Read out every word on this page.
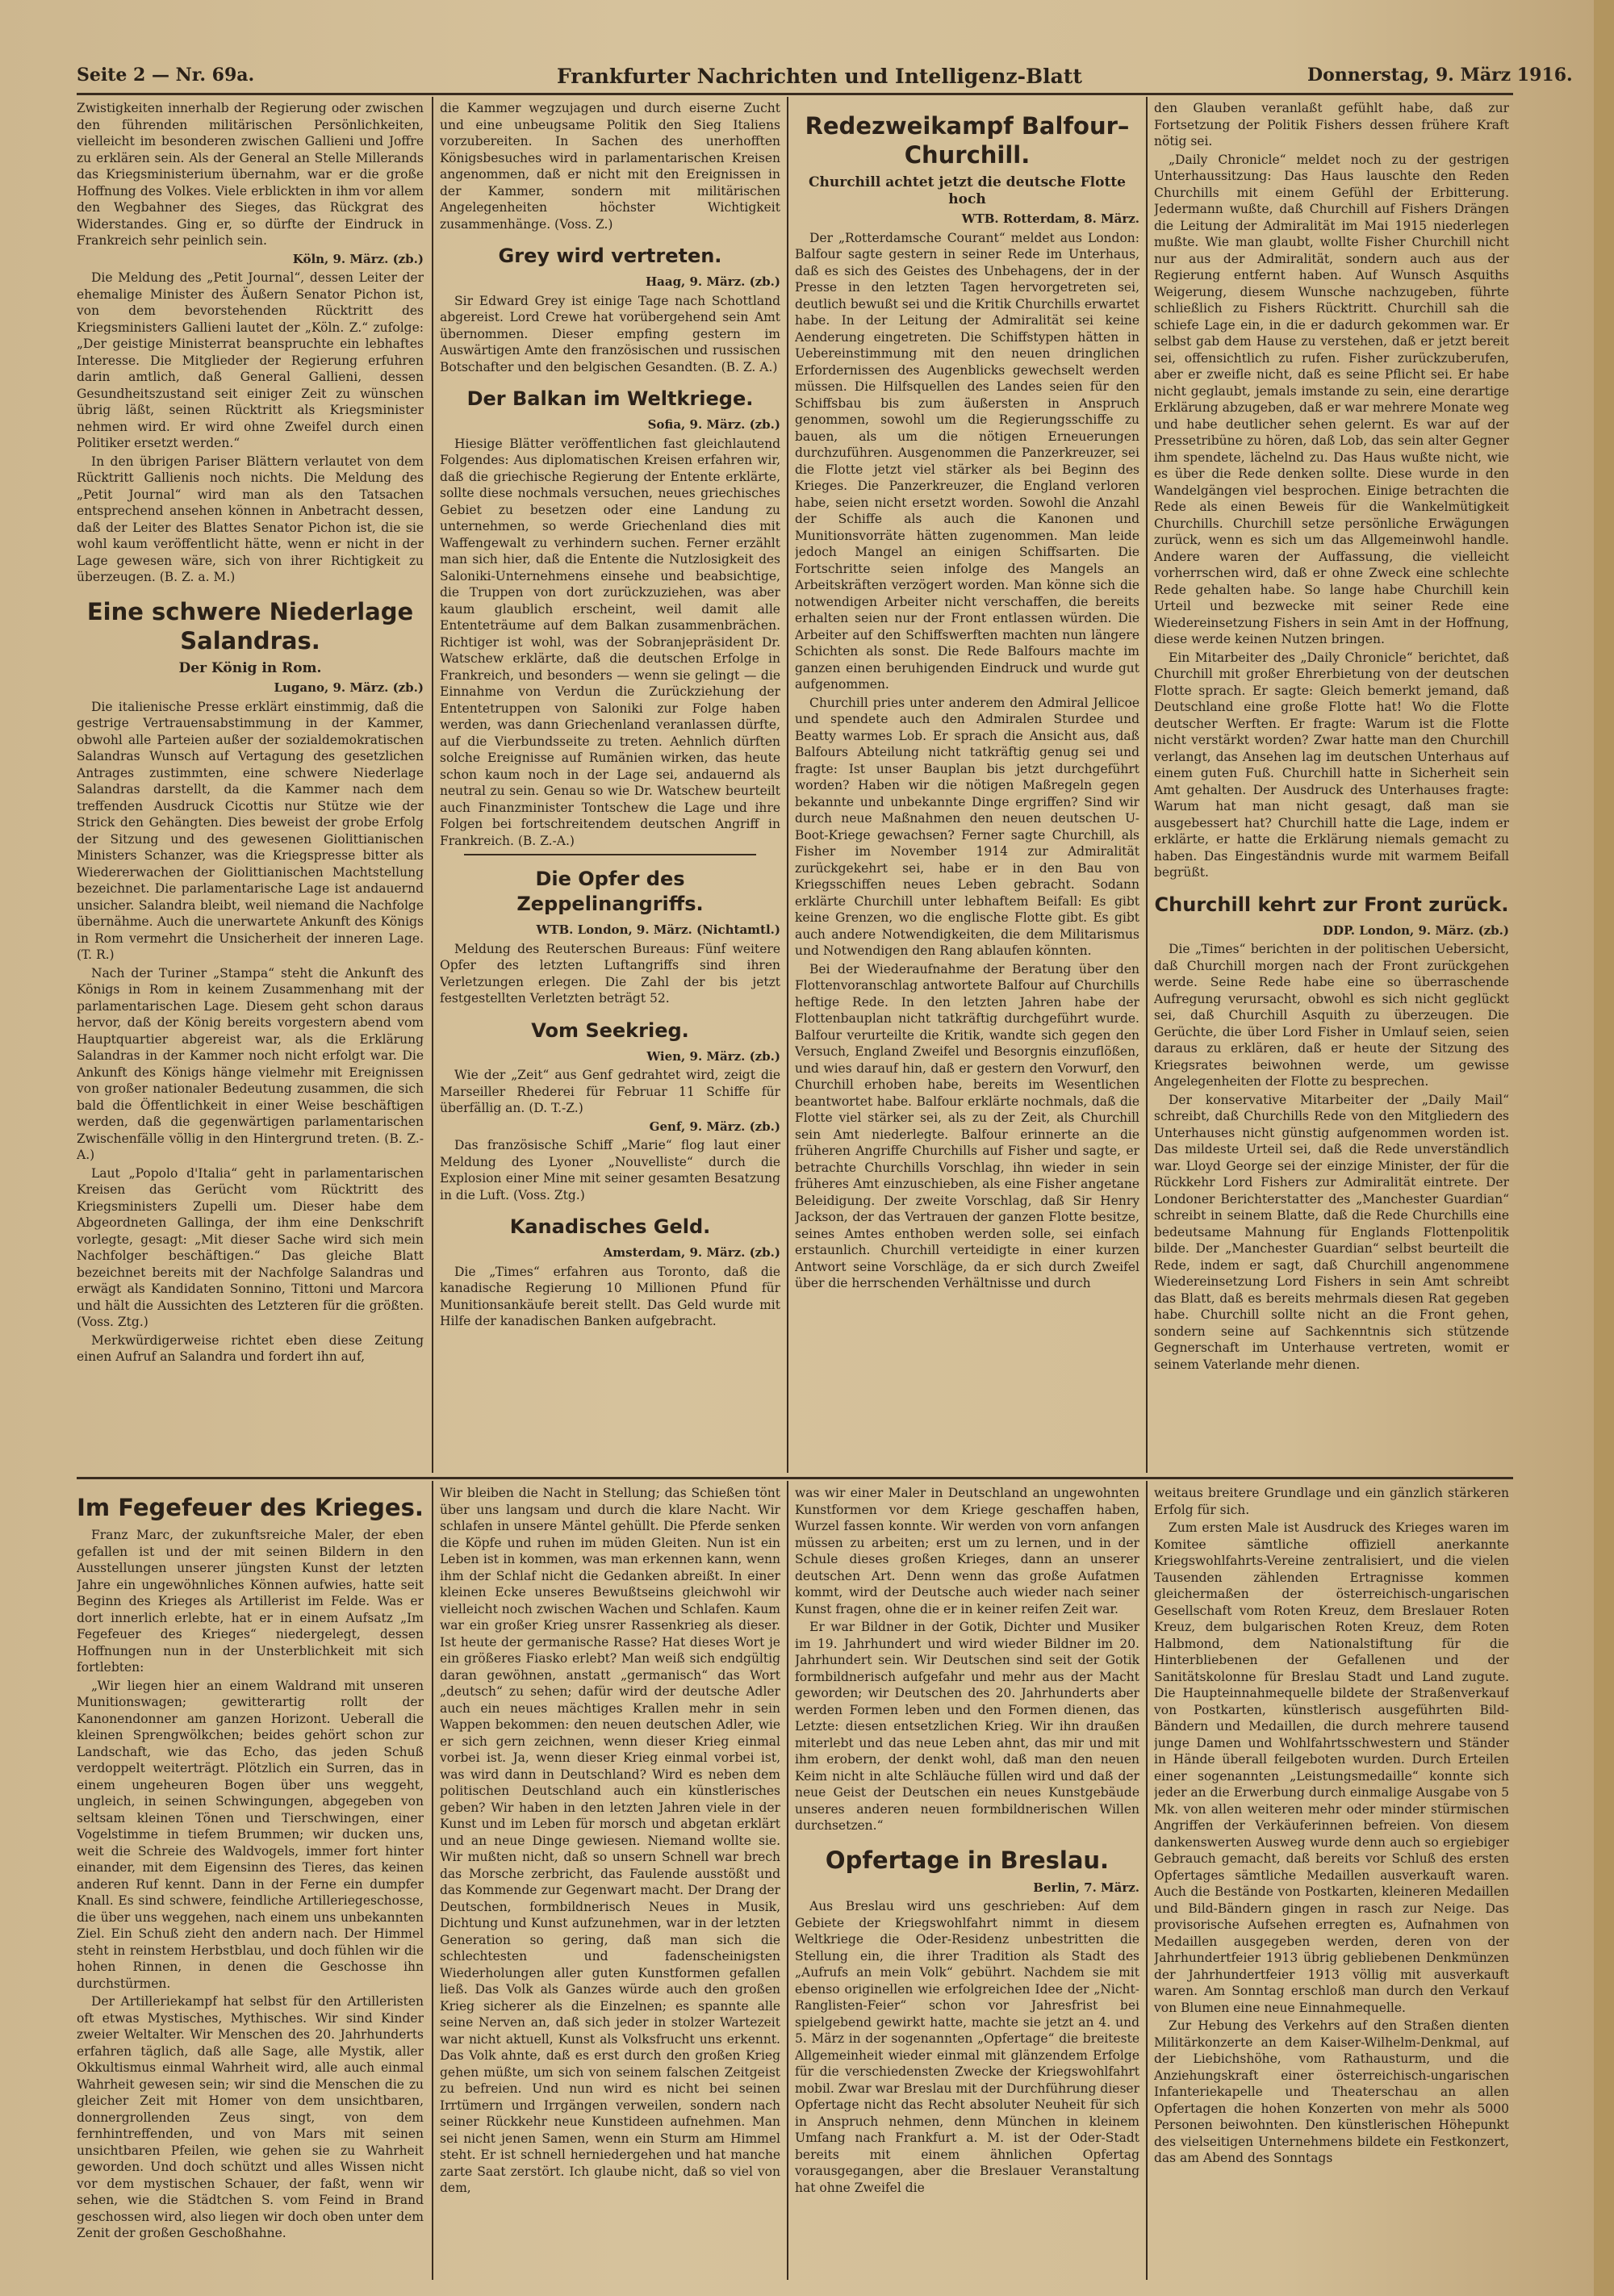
Seite 2 — Nr. 69a.	Frankfurter Nachrichten und Intelligenz-Blatt	Donnerstag, 9. März 1916.

Zwistigkeiten innerhalb der Regierung oder zwischen den führenden militärischen Persönlichkeiten, vielleicht im besonderen zwischen Gallieni und Joffre zu erklären sein. Als der General an Stelle Millerands das Kriegsministerium übernahm, war er die große Hoffnung des Volkes. Viele erblickten in ihm vor allem den Wegbahner des Sieges, das Rückgrat des Widerstandes. Ging er, so dürfte der Eindruck in Frankreich sehr peinlich sein.

Köln, 9. März. (zb.)

Die Meldung des „Petit Journal“, dessen Leiter der ehemalige Minister des Äußern Senator Pichon ist, von dem bevorstehenden Rücktritt des Kriegsministers Gallieni lautet der „Köln. Z.“ zufolge: „Der geistige Ministerrat beanspruchte ein lebhaftes Interesse. Die Mitglieder der Regierung erfuhren darin amtlich, daß General Gallieni, dessen Gesundheitszustand seit einiger Zeit zu wünschen übrig läßt, seinen Rücktritt als Kriegsminister nehmen wird. Er wird ohne Zweifel durch einen Politiker ersetzt werden.“

In den übrigen Pariser Blättern verlautet von dem Rücktritt Gallienis noch nichts. Die Meldung des „Petit Journal“ wird man als den Tatsachen entsprechend ansehen können in Anbetracht dessen, daß der Leiter des Blattes Senator Pichon ist, die sie wohl kaum veröffentlicht hätte, wenn er nicht in der Lage gewesen wäre, sich von ihrer Richtigkeit zu überzeugen. (B. Z. a. M.)

Eine schwere Niederlage Salandras.
Der König in Rom.
Lugano, 9. März. (zb.)

Die italienische Presse erklärt einstimmig, daß die gestrige Vertrauensabstimmung in der Kammer, obwohl alle Parteien außer der sozialdemokratischen Salandras Wunsch auf Vertagung des gesetzlichen Antrages zustimmten, eine schwere Niederlage Salandras darstellt, da die Kammer nach dem treffenden Ausdruck Cicottis nur Stütze wie der Strick den Gehängten. Dies beweist der grobe Erfolg der Sitzung und des gewesenen Giolittianischen Ministers Schanzer, was die Kriegspresse bitter als Wiedererwachen der Giolittianischen Machtstellung bezeichnet. Die parlamentarische Lage ist andauernd unsicher. Salandra bleibt, weil niemand die Nachfolge übernähme. Auch die unerwartete Ankunft des Königs in Rom vermehrt die Unsicherheit der inneren Lage. (T. R.)

Nach der Turiner „Stampa“ steht die Ankunft des Königs in Rom in keinem Zusammenhang mit der parlamentarischen Lage. Diesem geht schon daraus hervor, daß der König bereits vorgestern abend vom Hauptquartier abgereist war, als die Erklärung Salandras in der Kammer noch nicht erfolgt war. Die Ankunft des Königs hänge vielmehr mit Ereignissen von großer nationaler Bedeutung zusammen, die sich bald die Öffentlichkeit in einer Weise beschäftigen werden, daß die gegenwärtigen parlamentarischen Zwischenfälle völlig in den Hintergrund treten. (B. Z.-A.)

Laut „Popolo d'Italia“ geht in parlamentarischen Kreisen das Gerücht vom Rücktritt des Kriegsministers Zupelli um. Dieser habe dem Abgeordneten Gallinga, der ihm eine Denkschrift vorlegte, gesagt: „Mit dieser Sache wird sich mein Nachfolger beschäftigen.“ Das gleiche Blatt bezeichnet bereits mit der Nachfolge Salandras und erwägt als Kandidaten Sonnino, Tittoni und Marcora und hält die Aussichten des Letzteren für die größten. (Voss. Ztg.)

Merkwürdigerweise richtet eben diese Zeitung einen Aufruf an Salandra und fordert ihn auf,

die Kammer wegzujagen und durch eiserne Zucht und eine unbeugsame Politik den Sieg Italiens vorzubereiten. In Sachen des unerhofften Königsbesuches wird in parlamentarischen Kreisen angenommen, daß er nicht mit den Ereignissen in der Kammer, sondern mit militärischen Angelegenheiten höchster Wichtigkeit zusammenhänge. (Voss. Z.)

Grey wird vertreten.
Haag, 9. März. (zb.)

Sir Edward Grey ist einige Tage nach Schottland abgereist. Lord Crewe hat vorübergehend sein Amt übernommen. Dieser empfing gestern im Auswärtigen Amte den französischen und russischen Botschafter und den belgischen Gesandten. (B. Z. A.)

Der Balkan im Weltkriege.
Sofia, 9. März. (zb.)

Hiesige Blätter veröffentlichen fast gleichlautend Folgendes: Aus diplomatischen Kreisen erfahren wir, daß die griechische Regierung der Entente erklärte, sollte diese nochmals versuchen, neues griechisches Gebiet zu besetzen oder eine Landung zu unternehmen, so werde Griechenland dies mit Waffengewalt zu verhindern suchen. Ferner erzählt man sich hier, daß die Entente die Nutzlosigkeit des Saloniki-Unternehmens einsehe und beabsichtige, die Truppen von dort zurückzuziehen, was aber kaum glaublich erscheint, weil damit alle Ententeträume auf dem Balkan zusammenbrächen. Richtiger ist wohl, was der Sobranjepräsident Dr. Watschew erklärte, daß die deutschen Erfolge in Frankreich, und besonders — wenn sie gelingt — die Einnahme von Verdun die Zurückziehung der Ententetruppen von Saloniki zur Folge haben werden, was dann Griechenland veranlassen dürfte, auf die Vierbundsseite zu treten. Aehnlich dürften solche Ereignisse auf Rumänien wirken, das heute schon kaum noch in der Lage sei, andauernd als neutral zu sein. Genau so wie Dr. Watschew beurteilt auch Finanzminister Tontschew die Lage und ihre Folgen bei fortschreitendem deutschen Angriff in Frankreich. (B. Z.-A.)

Die Opfer des Zeppelinangriffs.
WTB. London, 9. März. (Nichtamtl.)

Meldung des Reuterschen Bureaus: Fünf weitere Opfer des letzten Luftangriffs sind ihren Verletzungen erlegen. Die Zahl der bis jetzt festgestellten Verletzten beträgt 52.

Vom Seekrieg.
Wien, 9. März. (zb.)

Wie der „Zeit“ aus Genf gedrahtet wird, zeigt die Marseiller Rhederei für Februar 11 Schiffe für überfällig an. (D. T.-Z.)

Genf, 9. März. (zb.)

Das französische Schiff „Marie“ flog laut einer Meldung des Lyoner „Nouvelliste“ durch die Explosion einer Mine mit seiner gesamten Besatzung in die Luft. (Voss. Ztg.)

Kanadisches Geld.
Amsterdam, 9. März. (zb.)

Die „Times“ erfahren aus Toronto, daß die kanadische Regierung 10 Millionen Pfund für Munitionsankäufe bereit stellt. Das Geld wurde mit Hilfe der kanadischen Banken aufgebracht.

Redezweikampf Balfour–Churchill.
Churchill achtet jetzt die deutsche Flotte hoch
WTB. Rotterdam, 8. März.

Der „Rotterdamsche Courant“ meldet aus London: Balfour sagte gestern in seiner Rede im Unterhaus, daß es sich des Geistes des Unbehagens, der in der Presse in den letzten Tagen hervorgetreten sei, deutlich bewußt sei und die Kritik Churchills erwartet habe. In der Leitung der Admiralität sei keine Aenderung eingetreten. Die Schiffstypen hätten in Uebereinstimmung mit den neuen dringlichen Erfordernissen des Augenblicks gewechselt werden müssen. Die Hilfsquellen des Landes seien für den Schiffsbau bis zum äußersten in Anspruch genommen, sowohl um die Regierungsschiffe zu bauen, als um die nötigen Erneuerungen durchzuführen. Ausgenommen die Panzerkreuzer, sei die Flotte jetzt viel stärker als bei Beginn des Krieges. Die Panzerkreuzer, die England verloren habe, seien nicht ersetzt worden. Sowohl die Anzahl der Schiffe als auch die Kanonen und Munitionsvorräte hätten zugenommen. Man leide jedoch Mangel an einigen Schiffsarten. Die Fortschritte seien infolge des Mangels an Arbeitskräften verzögert worden. Man könne sich die notwendigen Arbeiter nicht verschaffen, die bereits erhalten seien nur der Front entlassen würden. Die Arbeiter auf den Schiffswerften machten nun längere Schichten als sonst. Die Rede Balfours machte im ganzen einen beruhigenden Eindruck und wurde gut aufgenommen.

Churchill pries unter anderem den Admiral Jellicoe und spendete auch den Admiralen Sturdee und Beatty warmes Lob. Er sprach die Ansicht aus, daß Balfours Abteilung nicht tatkräftig genug sei und fragte: Ist unser Bauplan bis jetzt durchgeführt worden? Haben wir die nötigen Maßregeln gegen bekannte und unbekannte Dinge ergriffen? Sind wir durch neue Maßnahmen den neuen deutschen U-Boot-Kriege gewachsen? Ferner sagte Churchill, als Fisher im November 1914 zur Admiralität zurückgekehrt sei, habe er in den Bau von Kriegsschiffen neues Leben gebracht. Sodann erklärte Churchill unter lebhaftem Beifall: Es gibt keine Grenzen, wo die englische Flotte gibt. Es gibt auch andere Notwendigkeiten, die dem Militarismus und Notwendigen den Rang ablaufen könnten.

Bei der Wiederaufnahme der Beratung über den Flottenvoranschlag antwortete Balfour auf Churchills heftige Rede. In den letzten Jahren habe der Flottenbauplan nicht tatkräftig durchgeführt wurde. Balfour verurteilte die Kritik, wandte sich gegen den Versuch, England Zweifel und Besorgnis einzuflößen, und wies darauf hin, daß er gestern den Vorwurf, den Churchill erhoben habe, bereits im Wesentlichen beantwortet habe. Balfour erklärte nochmals, daß die Flotte viel stärker sei, als zu der Zeit, als Churchill sein Amt niederlegte. Balfour erinnerte an die früheren Angriffe Churchills auf Fisher und sagte, er betrachte Churchills Vorschlag, ihn wieder in sein früheres Amt einzuschieben, als eine Fisher angetane Beleidigung. Der zweite Vorschlag, daß Sir Henry Jackson, der das Vertrauen der ganzen Flotte besitze, seines Amtes enthoben werden solle, sei einfach erstaunlich. Churchill verteidigte in einer kurzen Antwort seine Vorschläge, da er sich durch Zweifel über die herrschenden Verhältnisse und durch

den Glauben veranlaßt gefühlt habe, daß zur Fortsetzung der Politik Fishers dessen frühere Kraft nötig sei.

„Daily Chronicle“ meldet noch zu der gestrigen Unterhaussitzung: Das Haus lauschte den Reden Churchills mit einem Gefühl der Erbitterung. Jedermann wußte, daß Churchill auf Fishers Drängen die Leitung der Admiralität im Mai 1915 niederlegen mußte. Wie man glaubt, wollte Fisher Churchill nicht nur aus der Admiralität, sondern auch aus der Regierung entfernt haben. Auf Wunsch Asquiths Weigerung, diesem Wunsche nachzugeben, führte schließlich zu Fishers Rücktritt. Churchill sah die schiefe Lage ein, in die er dadurch gekommen war. Er selbst gab dem Hause zu verstehen, daß er jetzt bereit sei, offensichtlich zu rufen. Fisher zurückzuberufen, aber er zweifle nicht, daß es seine Pflicht sei. Er habe nicht geglaubt, jemals imstande zu sein, eine derartige Erklärung abzugeben, daß er war mehrere Monate weg und habe deutlicher sehen gelernt. Es war auf der Pressetribüne zu hören, daß Lob, das sein alter Gegner ihm spendete, lächelnd zu. Das Haus wußte nicht, wie es über die Rede denken sollte. Diese wurde in den Wandelgängen viel besprochen. Einige betrachten die Rede als einen Beweis für die Wankelmütigkeit Churchills. Churchill setze persönliche Erwägungen zurück, wenn es sich um das Allgemeinwohl handle. Andere waren der Auffassung, die vielleicht vorherrschen wird, daß er ohne Zweck eine schlechte Rede gehalten habe. So lange habe Churchill kein Urteil und bezwecke mit seiner Rede eine Wiedereinsetzung Fishers in sein Amt in der Hoffnung, diese werde keinen Nutzen bringen.

Ein Mitarbeiter des „Daily Chronicle“ berichtet, daß Churchill mit großer Ehrerbietung von der deutschen Flotte sprach. Er sagte: Gleich bemerkt jemand, daß Deutschland eine große Flotte hat! Wo die Flotte deutscher Werften. Er fragte: Warum ist die Flotte nicht verstärkt worden? Zwar hatte man den Churchill verlangt, das Ansehen lag im deutschen Unterhaus auf einem guten Fuß. Churchill hatte in Sicherheit sein Amt gehalten. Der Ausdruck des Unterhauses fragte: Warum hat man nicht gesagt, daß man sie ausgebessert hat? Churchill hatte die Lage, indem er erklärte, er hatte die Erklärung niemals gemacht zu haben. Das Eingeständnis wurde mit warmem Beifall begrüßt.

Churchill kehrt zur Front zurück.
DDP. London, 9. März. (zb.)

Die „Times“ berichten in der politischen Uebersicht, daß Churchill morgen nach der Front zurückgehen werde. Seine Rede habe eine so überraschende Aufregung verursacht, obwohl es sich nicht geglückt sei, daß Churchill Asquith zu überzeugen. Die Gerüchte, die über Lord Fisher in Umlauf seien, seien daraus zu erklären, daß er heute der Sitzung des Kriegsrates beiwohnen werde, um gewisse Angelegenheiten der Flotte zu besprechen.

Der konservative Mitarbeiter der „Daily Mail“ schreibt, daß Churchills Rede von den Mitgliedern des Unterhauses nicht günstig aufgenommen worden ist. Das mildeste Urteil sei, daß die Rede unverständlich war. Lloyd George sei der einzige Minister, der für die Rückkehr Lord Fishers zur Admiralität eintrete. Der Londoner Berichterstatter des „Manchester Guardian“ schreibt in seinem Blatte, daß die Rede Churchills eine bedeutsame Mahnung für Englands Flottenpolitik bilde. Der „Manchester Guardian“ selbst beurteilt die Rede, indem er sagt, daß Churchill angenommene Wiedereinsetzung Lord Fishers in sein Amt schreibt das Blatt, daß es bereits mehrmals diesen Rat gegeben habe. Churchill sollte nicht an die Front gehen, sondern seine auf Sachkenntnis sich stützende Gegnerschaft im Unterhause vertreten, womit er seinem Vaterlande mehr dienen.

Im Fegefeuer des Krieges.

Franz Marc, der zukunftsreiche Maler, der eben gefallen ist und der mit seinen Bildern in den Ausstellungen unserer jüngsten Kunst der letzten Jahre ein ungewöhnliches Können aufwies, hatte seit Beginn des Krieges als Artillerist im Felde. Was er dort innerlich erlebte, hat er in einem Aufsatz „Im Fegefeuer des Krieges“ niedergelegt, dessen Hoffnungen nun in der Unsterblichkeit mit sich fortlebten:

„Wir liegen hier an einem Waldrand mit unseren Munitionswagen; gewitterartig rollt der Kanonendonner am ganzen Horizont. Ueberall die kleinen Sprengwölkchen; beides gehört schon zur Landschaft, wie das Echo, das jeden Schuß verdoppelt weiterträgt. Plötzlich ein Surren, das in einem ungeheuren Bogen über uns weggeht, ungleich, in seinen Schwingungen, abgegeben von seltsam kleinen Tönen und Tierschwingen, einer Vogelstimme in tiefem Brummen; wir ducken uns, weit die Schreie des Waldvogels, immer fort hinter einander, mit dem Eigensinn des Tieres, das keinen anderen Ruf kennt. Dann in der Ferne ein dumpfer Knall. Es sind schwere, feindliche Artilleriegeschosse, die über uns weggehen, nach einem uns unbekannten Ziel. Ein Schuß zieht den andern nach. Der Himmel steht in reinstem Herbstblau, und doch fühlen wir die hohen Rinnen, in denen die Geschosse ihn durchstürmen.

Der Artilleriekampf hat selbst für den Artilleristen oft etwas Mystisches, Mythisches. Wir sind Kinder zweier Weltalter. Wir Menschen des 20. Jahrhunderts erfahren täglich, daß alle Sage, alle Mystik, aller Okkultismus einmal Wahrheit wird, alle auch einmal Wahrheit gewesen sein; wir sind die Menschen die zu gleicher Zeit mit Homer von dem unsichtbaren, donnergrollenden Zeus singt, von dem fernhintreffenden, und von Mars mit seinen unsichtbaren Pfeilen, wie gehen sie zu Wahrheit geworden. Und doch schützt und alles Wissen nicht vor dem mystischen Schauer, der faßt, wenn wir sehen, wie die Städtchen S. vom Feind in Brand geschossen wird, also liegen wir doch oben unter dem Zenit der großen Geschoßhahne.

Wir bleiben die Nacht in Stellung; das Schießen tönt über uns langsam und durch die klare Nacht. Wir schlafen in unsere Mäntel gehüllt. Die Pferde senken die Köpfe und ruhen im müden Gleiten. Nun ist ein Leben ist in kommen, was man erkennen kann, wenn ihm der Schlaf nicht die Gedanken abreißt. In einer kleinen Ecke unseres Bewußtseins gleichwohl wir vielleicht noch zwischen Wachen und Schlafen. Kaum war ein großer Krieg unsrer Rassenkrieg als dieser. Ist heute der germanische Rasse? Hat dieses Wort je ein größeres Fiasko erlebt? Man weiß sich endgültig daran gewöhnen, anstatt „germanisch“ das Wort „deutsch“ zu sehen; dafür wird der deutsche Adler auch ein neues mächtiges Krallen mehr in sein Wappen bekommen: den neuen deutschen Adler, wie er sich gern zeichnen, wenn dieser Krieg einmal vorbei ist. Ja, wenn dieser Krieg einmal vorbei ist, was wird dann in Deutschland? Wird es neben dem politischen Deutschland auch ein künstlerisches geben? Wir haben in den letzten Jahren viele in der Kunst und im Leben für morsch und abgetan erklärt und an neue Dinge gewiesen. Niemand wollte sie. Wir mußten nicht, daß so unsern Schnell war brech das Morsche zerbricht, das Faulende ausstößt und das Kommende zur Gegenwart macht. Der Drang der Deutschen, formbildnerisch Neues in Musik, Dichtung und Kunst aufzunehmen, war in der letzten Generation so gering, daß man sich die schlechtesten und fadenscheinigsten Wiederholungen aller guten Kunstformen gefallen ließ. Das Volk als Ganzes würde auch den großen Krieg sicherer als die Einzelnen; es spannte alle seine Nerven an, daß sich jeder in stolzer Wartezeit war nicht aktuell, Kunst als Volksfrucht uns erkennt. Das Volk ahnte, daß es erst durch den großen Krieg gehen müßte, um sich von seinem falschen Zeitgeist zu befreien. Und nun wird es nicht bei seinen Irrtümern und Irrgängen verweilen, sondern nach seiner Rückkehr neue Kunstideen aufnehmen. Man sei nicht jenen Samen, wenn ein Sturm am Himmel steht. Er ist schnell herniedergehen und hat manche zarte Saat zerstört. Ich glaube nicht, daß so viel von dem,

was wir einer Maler in Deutschland an ungewohnten Kunstformen vor dem Kriege geschaffen haben, Wurzel fassen konnte. Wir werden von vorn anfangen müssen zu arbeiten; erst um zu lernen, und in der Schule dieses großen Krieges, dann an unserer deutschen Art. Denn wenn das große Aufatmen kommt, wird der Deutsche auch wieder nach seiner Kunst fragen, ohne die er in keiner reifen Zeit war.

Er war Bildner in der Gotik, Dichter und Musiker im 19. Jahrhundert und wird wieder Bildner im 20. Jahrhundert sein. Wir Deutschen sind seit der Gotik formbildnerisch aufgefahr und mehr aus der Macht geworden; wir Deutschen des 20. Jahrhunderts aber werden Formen leben und den Formen dienen, das Letzte: diesen entsetzlichen Krieg. Wir ihn draußen miterlebt und das neue Leben ahnt, das mir und mit ihm erobern, der denkt wohl, daß man den neuen Keim nicht in alte Schläuche füllen wird und daß der neue Geist der Deutschen ein neues Kunstgebäude unseres anderen neuen formbildnerischen Willen durchsetzen.“

Opfertage in Breslau.
Berlin, 7. März.

Aus Breslau wird uns geschrieben: Auf dem Gebiete der Kriegswohlfahrt nimmt in diesem Weltkriege die Oder-Residenz unbestritten die Stellung ein, die ihrer Tradition als Stadt des „Aufrufs an mein Volk“ gebührt. Nachdem sie mit ebenso originellen wie erfolgreichen Idee der „Nicht-Ranglisten-Feier“ schon vor Jahresfrist bei spielgebend gewirkt hatte, machte sie jetzt an 4. und 5. März in der sogenannten „Opfertage“ die breiteste Allgemeinheit wieder einmal mit glänzendem Erfolge für die verschiedensten Zwecke der Kriegswohlfahrt mobil. Zwar war Breslau mit der Durchführung dieser Opfertage nicht das Recht absoluter Neuheit für sich in Anspruch nehmen, denn München in kleinem Umfang nach Frankfurt a. M. ist der Oder-Stadt bereits mit einem ähnlichen Opfertag vorausgegangen, aber die Breslauer Veranstaltung hat ohne Zweifel die

weitaus breitere Grundlage und ein gänzlich stärkeren Erfolg für sich.

Zum ersten Male ist Ausdruck des Krieges waren im Komitee sämtliche offiziell anerkannte Kriegswohlfahrts-Vereine zentralisiert, und die vielen Tausenden zählenden Ertragnisse kommen gleichermaßen der österreichisch-ungarischen Gesellschaft vom Roten Kreuz, dem Breslauer Roten Kreuz, dem bulgarischen Roten Kreuz, dem Roten Halbmond, dem Nationalstiftung für die Hinterbliebenen der Gefallenen und der Sanitätskolonne für Breslau Stadt und Land zugute. Die Haupteinnahmequelle bildete der Straßenverkauf von Postkarten, künstlerisch ausgeführten Bild-Bändern und Medaillen, die durch mehrere tausend junge Damen und Wohlfahrtsschwestern und Ständer in Hände überall feilgeboten wurden. Durch Erteilen einer sogenannten „Leistungsmedaille“ konnte sich jeder an die Erwerbung durch einmalige Ausgabe von 5 Mk. von allen weiteren mehr oder minder stürmischen Angriffen der Verkäuferinnen befreien. Von diesem dankenswerten Ausweg wurde denn auch so ergiebiger Gebrauch gemacht, daß bereits vor Schluß des ersten Opfertages sämtliche Medaillen ausverkauft waren. Auch die Bestände von Postkarten, kleineren Medaillen und Bild-Bändern gingen in rasch zur Neige. Das provisorische Aufsehen erregten es, Aufnahmen von Medaillen ausgegeben werden, deren von der Jahrhundertfeier 1913 übrig gebliebenen Denkmünzen der Jahrhundertfeier 1913 völlig mit ausverkauft waren. Am Sonntag erschloß man durch den Verkauf von Blumen eine neue Einnahmequelle.

Zur Hebung des Verkehrs auf den Straßen dienten Militärkonzerte an dem Kaiser-Wilhelm-Denkmal, auf der Liebichshöhe, vom Rathausturm, und die Anziehungskraft einer österreichisch-ungarischen Infanteriekapelle und Theaterschau an allen Opfertagen die hohen Konzerten von mehr als 5000 Personen beiwohnten. Den künstlerischen Höhepunkt des vielseitigen Unternehmens bildete ein Festkonzert, das am Abend des Sonntags
